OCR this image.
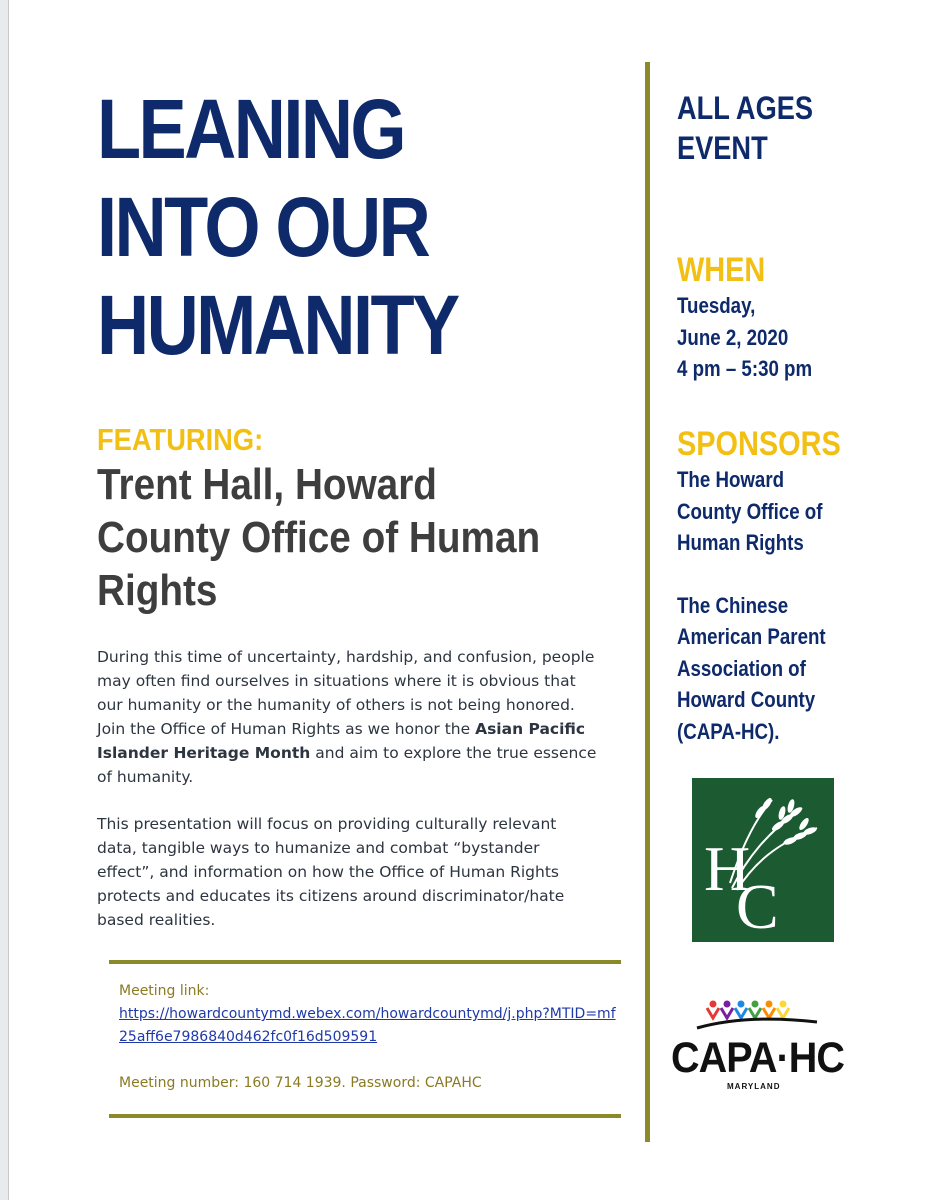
LEANING
INTO OUR
HUMANITY
FEATURING:
Trent Hall, Howard
County Office of Human
Rights

During this time of uncertainty, hardship, and confusion, people may often find ourselves in situations where it is obvious that our humanity or the humanity of others is not being honored. Join the Office of Human Rights as we honor the Asian Pacific Islander Heritage Month and aim to explore the true essence of humanity.

This presentation will focus on providing culturally relevant data, tangible ways to humanize and combat “bystander effect”, and information on how the Office of Human Rights protects and educates its citizens around discriminator/hate based realities.

Meeting link:
https://howardcountymd.webex.com/howardcountymd/j.php?MTID=mf25aff6e7986840d462fc0f16d509591
Meeting number: 160 714 1939. Password: CAPAHC
ALL AGES
EVENT
WHEN
Tuesday,
June 2, 2020
4 pm – 5:30 pm
SPONSORS
The Howard
County Office of
Human Rights
The Chinese
American Parent
Association of
Howard County
(CAPA-HC).
H
C
CAPA·HC
MARYLAND
